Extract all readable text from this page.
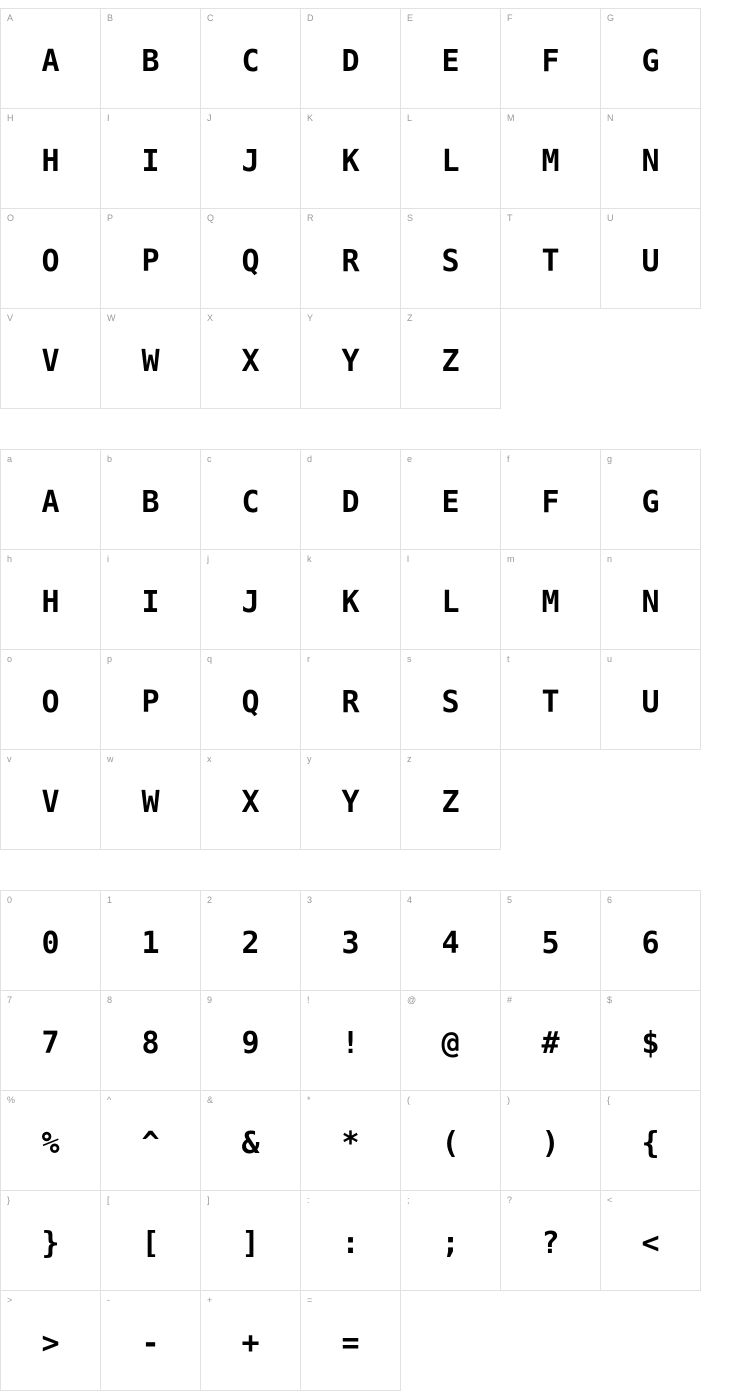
A
A
B
B
C
C
D
D
E
E
F
F
G
G
H
H
I
I
J
J
K
K
L
L
M
M
N
N
O
O
P
P
Q
Q
R
R
S
S
T
T
U
U
V
V
W
W
X
X
Y
Y
Z
Z
a
A
b
B
c
C
d
D
e
E
f
F
g
G
h
H
i
I
j
J
k
K
l
L
m
M
n
N
o
O
p
P
q
Q
r
R
s
S
t
T
u
U
v
V
w
W
x
X
y
Y
z
Z
0
0
1
1
2
2
3
3
4
4
5
5
6
6
7
7
8
8
9
9
!
!
@
@
#
#
$
$
%
%
^
^
&
&
*
*
(
(
)
)
{
{
}
}
[
[
]
]
:
:
;
;
?
?
<
<
>
>
-
-
+
+
=
=
